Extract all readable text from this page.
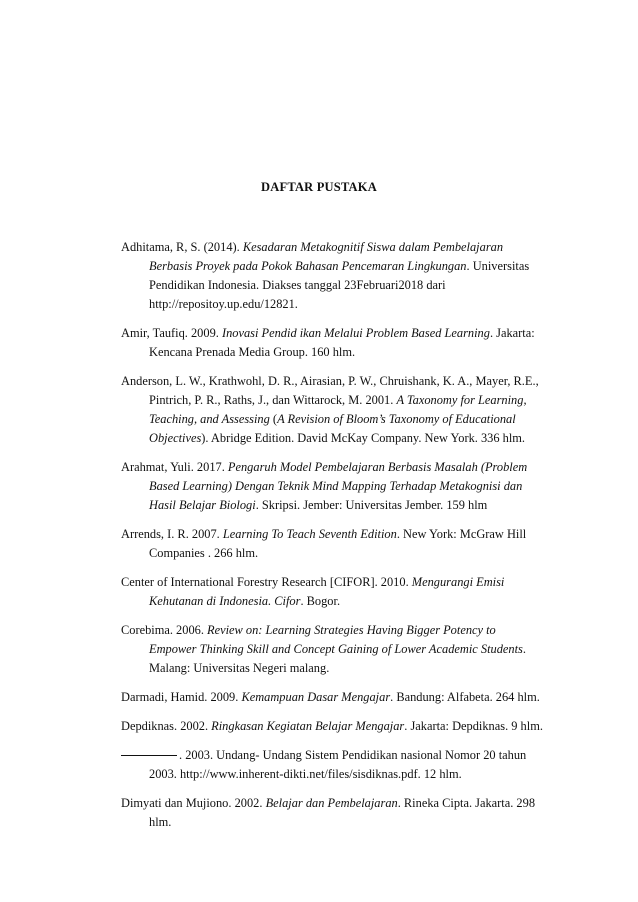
DAFTAR PUSTAKA

Adhitama, R, S. (2014). Kesadaran Metakognitif Siswa dalam Pembelajaran Berbasis Proyek pada Pokok Bahasan Pencemaran Lingkungan. Universitas Pendidikan Indonesia. Diakses tanggal 23Februari2018 dari http://repositoy.up.edu/12821.

Amir, Taufiq. 2009. Inovasi Pendid ikan Melalui Problem Based Learning. Jakarta: Kencana Prenada Media Group. 160 hlm.

Anderson, L. W., Krathwohl, D. R., Airasian, P. W., Chruishank, K. A., Mayer, R.E., Pintrich, P. R., Raths, J., dan Wittarock, M. 2001. A Taxonomy for Learning, Teaching, and Assessing (A Revision of Bloom’s Taxonomy of Educational Objectives). Abridge Edition. David McKay Company. New York. 336 hlm.

Arahmat, Yuli. 2017. Pengaruh Model Pembelajaran Berbasis Masalah (Problem Based Learning) Dengan Teknik Mind Mapping Terhadap Metakognisi dan Hasil Belajar Biologi. Skripsi. Jember: Universitas Jember. 159 hlm

Arrends, I. R. 2007. Learning To Teach Seventh Edition. New York: McGraw Hill Companies . 266 hlm.

Center of International Forestry Research [CIFOR]. 2010. Mengurangi Emisi Kehutanan di Indonesia. Cifor. Bogor.

Corebima. 2006. Review on: Learning Strategies Having Bigger Potency to Empower Thinking Skill and Concept Gaining of Lower Academic Students. Malang: Universitas Negeri malang.

Darmadi, Hamid. 2009. Kemampuan Dasar Mengajar. Bandung: Alfabeta. 264 hlm.

Depdiknas. 2002. Ringkasan Kegiatan Belajar Mengajar. Jakarta: Depdiknas. 9 hlm.

. 2003. Undang- Undang Sistem Pendidikan nasional Nomor 20 tahun 2003. http://www.inherent-dikti.net/files/sisdiknas.pdf. 12 hlm.

Dimyati dan Mujiono. 2002. Belajar dan Pembelajaran. Rineka Cipta. Jakarta. 298 hlm.
